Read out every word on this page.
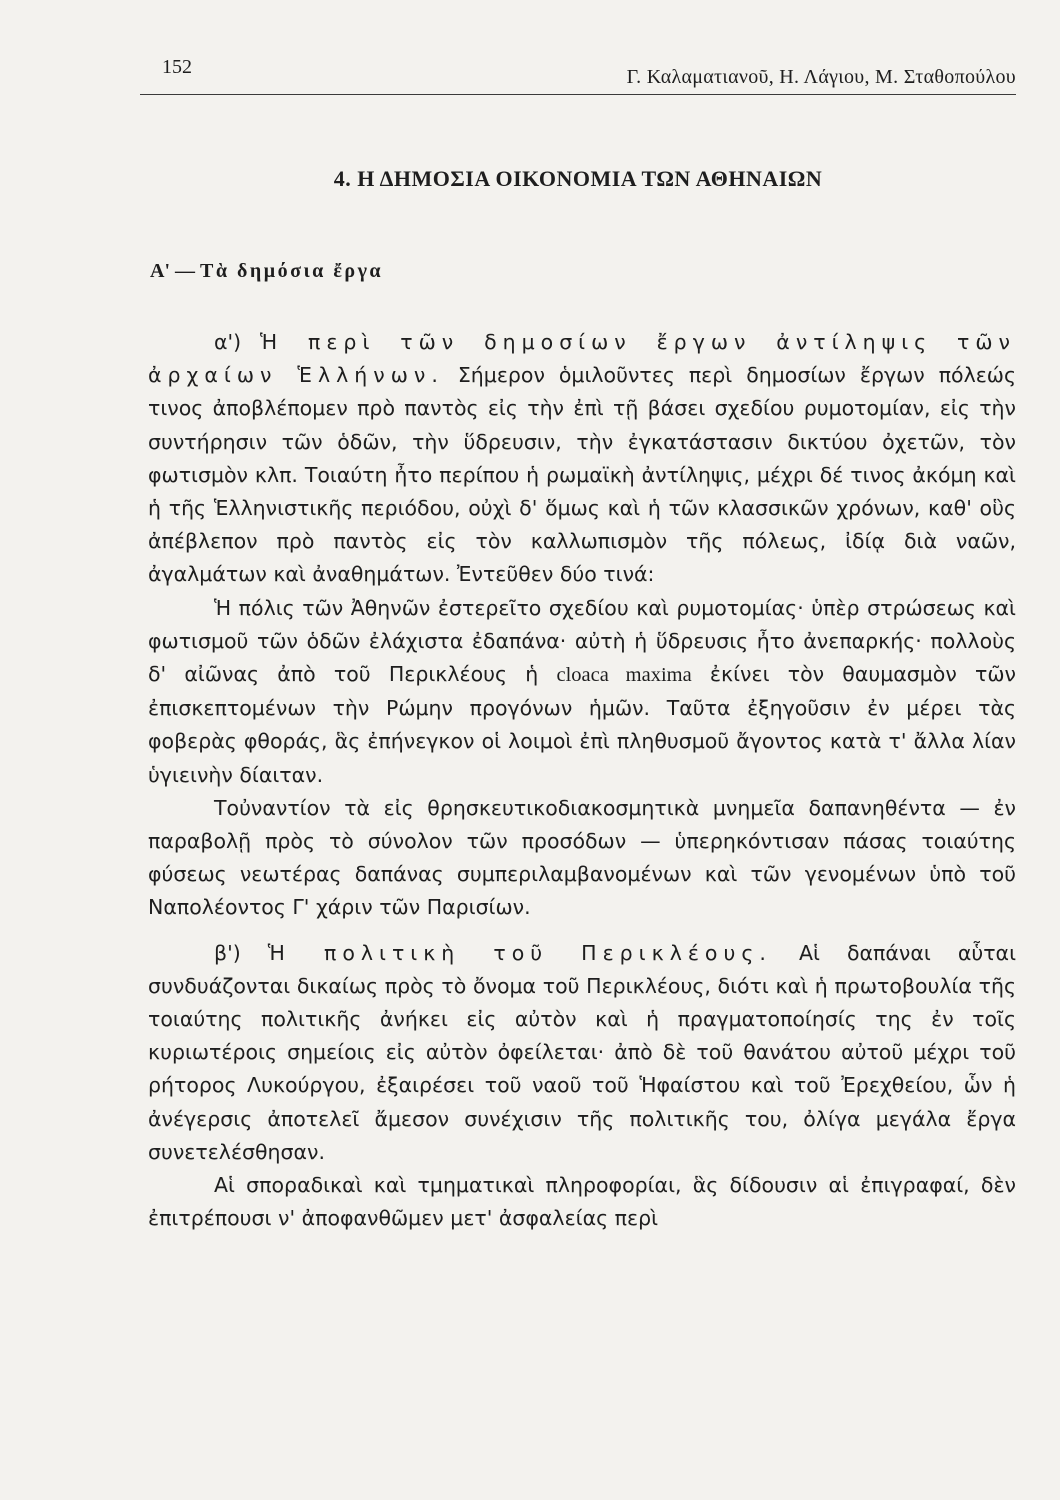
152	Γ. Καλαματιανοῦ, Η. Λάγιου, Μ. Σταθοπούλου
4. Η ΔΗΜΟΣΙΑ ΟΙΚΟΝΟΜΙΑ ΤΩΝ ΑΘΗΝΑΙΩΝ
Α' — Τὰ δημόσια ἔργα

α') Ἡ περὶ τῶν δημοσίων ἔργων ἀντίληψις τῶν ἀρχαίων Ἑλλήνων. Σήμερον ὁμιλοῦντες περὶ δημοσίων ἔργων πόλεώς τινος ἀποβλέπομεν πρὸ παντὸς εἰς τὴν ἐπὶ τῇ βάσει σχεδίου ρυμοτομίαν, εἰς τὴν συντήρησιν τῶν ὁδῶν, τὴν ὕδρευσιν, τὴν ἐγκατάστασιν δικτύου ὀχετῶν, τὸν φωτισμὸν κλπ. Τοιαύτη ἦτο περίπου ἡ ρωμαϊκὴ ἀντίληψις, μέχρι δέ τινος ἀκόμη καὶ ἡ τῆς Ἑλληνιστικῆς περιόδου, οὐχὶ δ' ὅμως καὶ ἡ τῶν κλασσικῶν χρόνων, καθ' οὓς ἀπέβλεπον πρὸ παντὸς εἰς τὸν καλλωπισμὸν τῆς πόλεως, ἰδίᾳ διὰ ναῶν, ἀγαλμάτων καὶ ἀναθημάτων. Ἐντεῦθεν δύο τινά:

Ἡ πόλις τῶν Ἀθηνῶν ἐστερεῖτο σχεδίου καὶ ρυμοτομίας· ὑπὲρ στρώσεως καὶ φωτισμοῦ τῶν ὁδῶν ἐλάχιστα ἐδαπάνα· αὐτὴ ἡ ὕδρευσις ἦτο ἀνεπαρκής· πολλοὺς δ' αἰῶνας ἀπὸ τοῦ Περικλέους ἡ cloaca maxima ἐκίνει τὸν θαυμασμὸν τῶν ἐπισκεπτομένων τὴν Ρώμην προγόνων ἡμῶν. Ταῦτα ἐξηγοῦσιν ἐν μέρει τὰς φοβερὰς φθοράς, ἃς ἐπήνεγκον οἱ λοιμοὶ ἐπὶ πληθυσμοῦ ἄγοντος κατὰ τ' ἄλλα λίαν ὑγιεινὴν δίαιταν.

Τοὐναντίον τὰ εἰς θρησκευτικοδιακοσμητικὰ μνημεῖα δαπανηθέντα — ἐν παραβολῇ πρὸς τὸ σύνολον τῶν προσόδων — ὑπερηκόντισαν πάσας τοιαύτης φύσεως νεωτέρας δαπάνας συμπεριλαμβανομένων καὶ τῶν γενομένων ὑπὸ τοῦ Ναπολέοντος Γ' χάριν τῶν Παρισίων.

β') Ἡ πολιτικὴ τοῦ Περικλέους. Αἱ δαπάναι αὗται συνδυάζονται δικαίως πρὸς τὸ ὄνομα τοῦ Περικλέους, διότι καὶ ἡ πρωτοβουλία τῆς τοιαύτης πολιτικῆς ἀνήκει εἰς αὐτὸν καὶ ἡ πραγματοποίησίς της ἐν τοῖς κυριωτέροις σημείοις εἰς αὐτὸν ὀφείλεται· ἀπὸ δὲ τοῦ θανάτου αὐτοῦ μέχρι τοῦ ρήτορος Λυκούργου, ἐξαιρέσει τοῦ ναοῦ τοῦ Ἡφαίστου καὶ τοῦ Ἐρεχθείου, ὧν ἡ ἀνέγερσις ἀποτελεῖ ἄμεσον συνέχισιν τῆς πολιτικῆς του, ὀλίγα μεγάλα ἔργα συνετελέσθησαν.

Αἱ σποραδικαὶ καὶ τμηματικαὶ πληροφορίαι, ἃς δίδουσιν αἱ ἐπιγραφαί, δὲν ἐπιτρέπουσι ν' ἀποφανθῶμεν μετ' ἀσφαλείας περὶ
